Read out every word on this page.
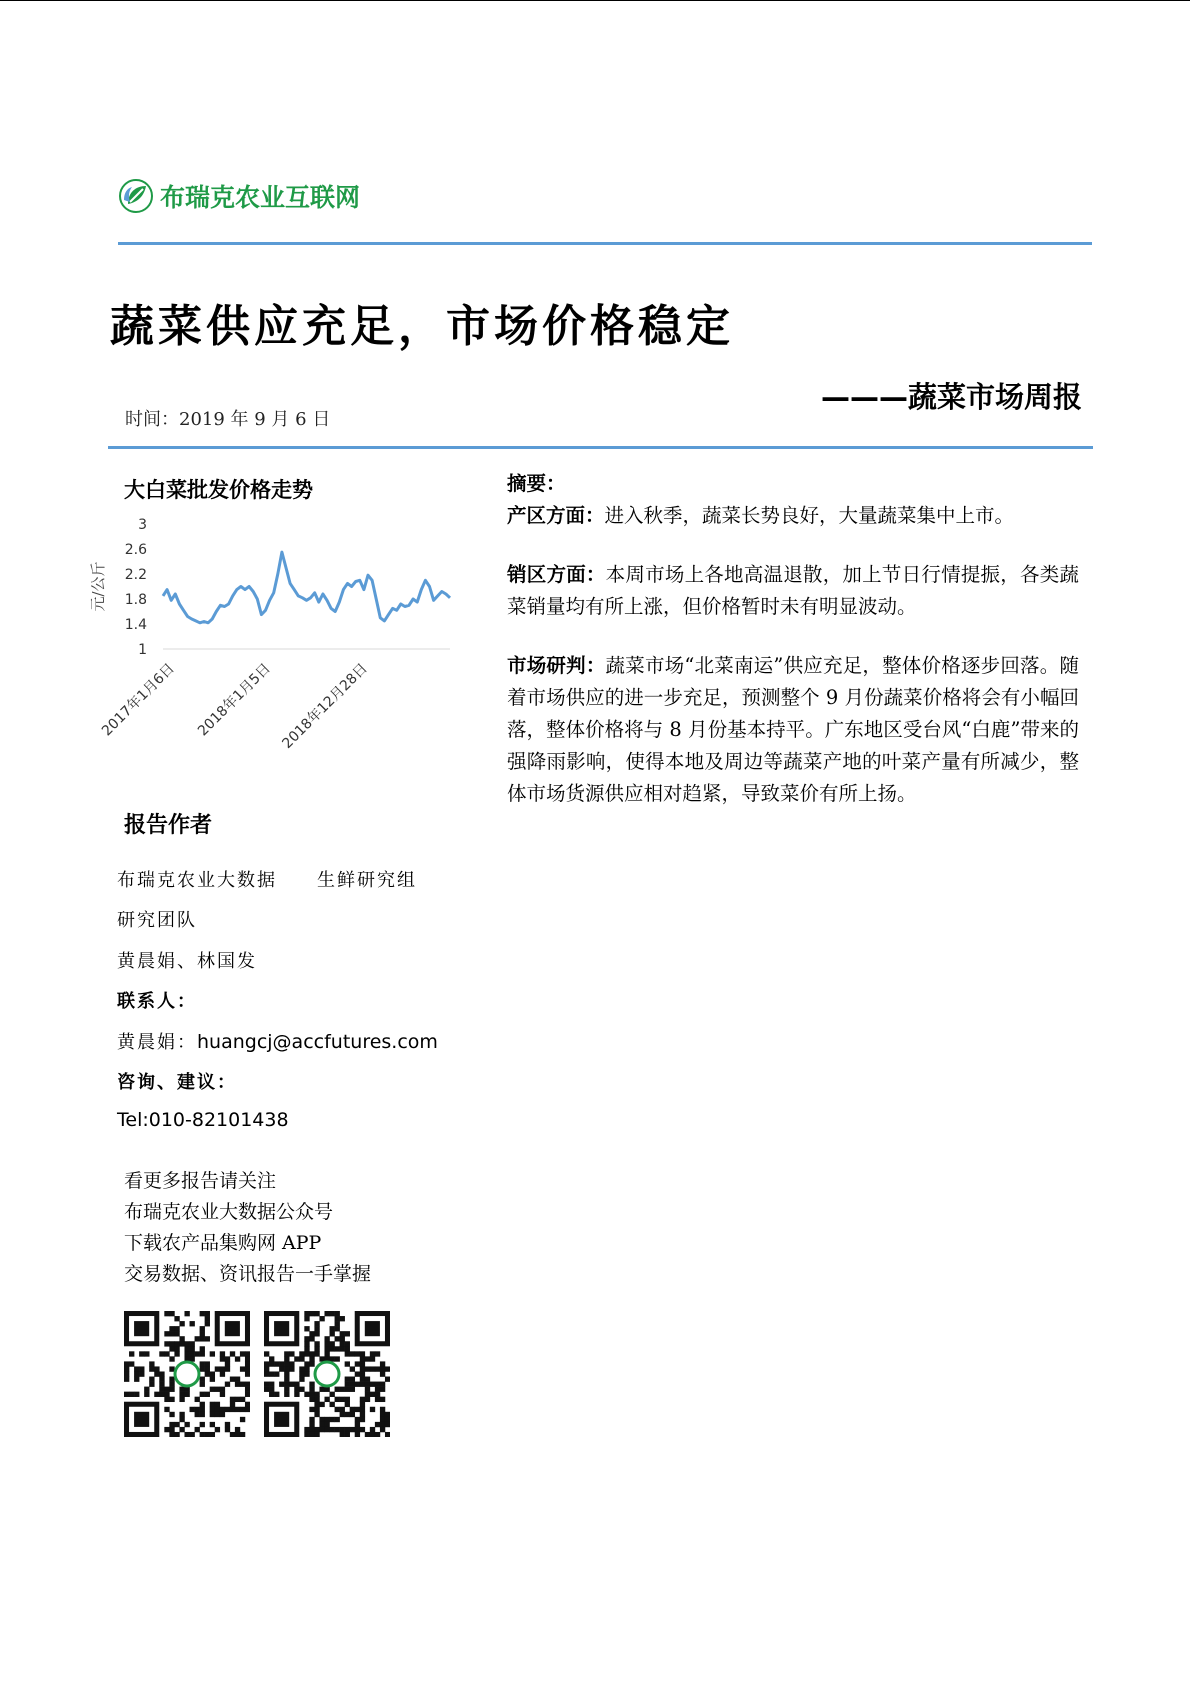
布瑞克农业互联网
蔬菜供应充足，市场价格稳定
———蔬菜市场周报
时间：2019 年 9 月 6 日
大白菜批发价格走势
1
1.4
1.8
2.2
2.6
3
元/公斤
2017年1月6日 2018年1月5日 2018年12月28日
报告作者
布瑞克农业大数据　　生鲜研究组
研究团队
黄晨娟、林国发
联系人：
黄晨娟：huangcj@accfutures.com
咨询、建议：
Tel:010-82101438
看更多报告请关注
布瑞克农业大数据公众号
下载农产品集购网 APP
交易数据、资讯报告一手掌握
摘要：

产区方面：进入秋季，蔬菜长势良好，大量蔬菜集中上市。

销区方面：本周市场上各地高温退散，加上节日行情提振，各类蔬菜销量均有所上涨，但价格暂时未有明显波动。

市场研判：蔬菜市场“北菜南运”供应充足，整体价格逐步回落。随着市场供应的进一步充足，预测整个 9 月份蔬菜价格将会有小幅回落，整体价格将与 8 月份基本持平。广东地区受台风“白鹿”带来的强降雨影响，使得本地及周边等蔬菜产地的叶菜产量有所减少，整体市场货源供应相对趋紧，导致菜价有所上扬。
